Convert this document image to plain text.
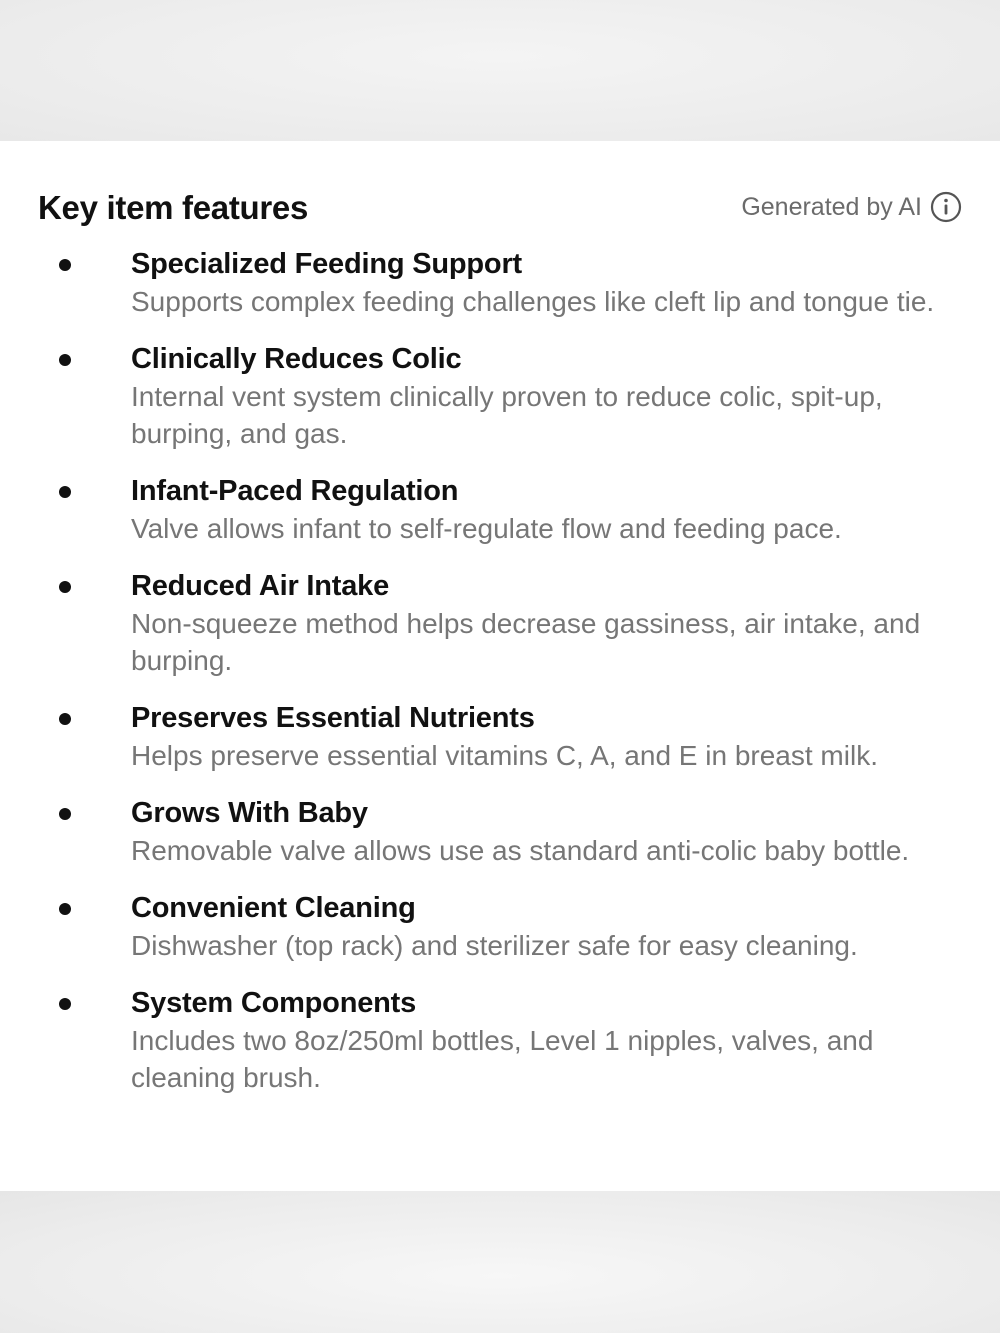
Key item features	Generated by AI
Specialized Feeding Support
Supports complex feeding challenges like cleft lip and tongue tie.
Clinically Reduces Colic
Internal vent system clinically proven to reduce colic, spit-up, burping, and gas.
Infant-Paced Regulation
Valve allows infant to self-regulate flow and feeding pace.
Reduced Air Intake
Non-squeeze method helps decrease gassiness, air intake, and burping.
Preserves Essential Nutrients
Helps preserve essential vitamins C, A, and E in breast milk.
Grows With Baby
Removable valve allows use as standard anti-colic baby bottle.
Convenient Cleaning
Dishwasher (top rack) and sterilizer safe for easy cleaning.
System Components
Includes two 8oz/250ml bottles, Level 1 nipples, valves, and cleaning brush.
